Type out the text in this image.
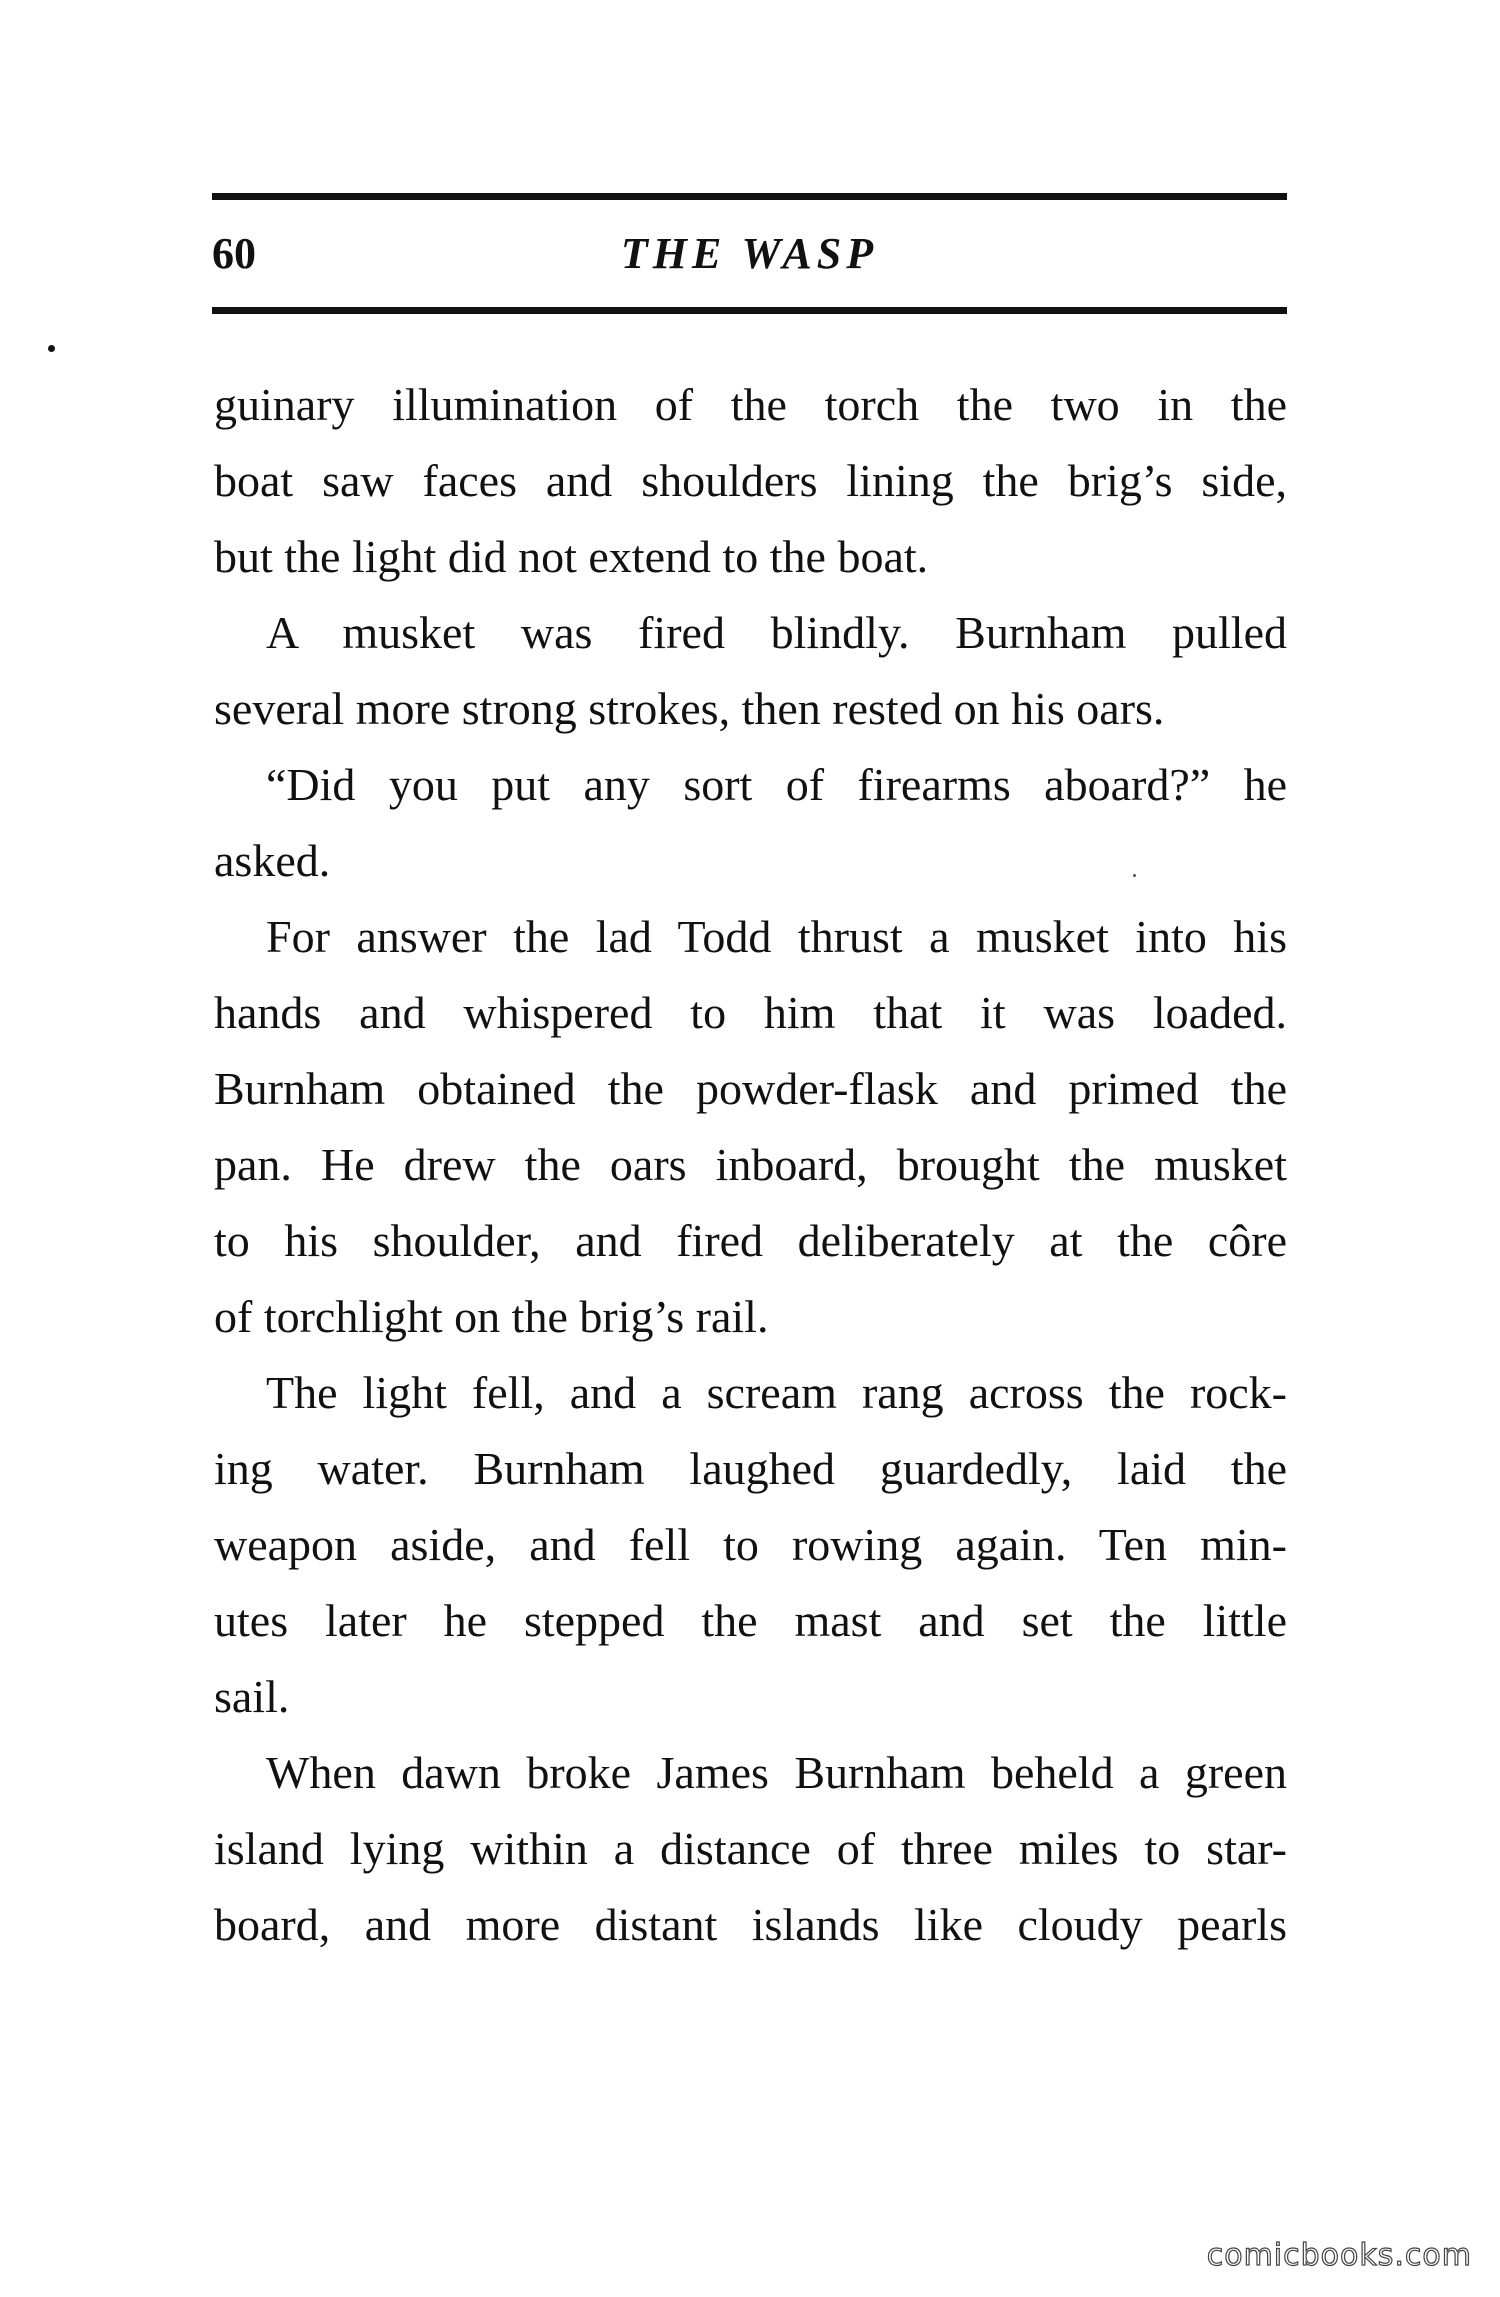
60	THE WASP
guinary illumination of the torch the two in the
boat saw faces and shoulders lining the brig’s side,
but the light did not extend to the boat.
A musket was fired blindly. Burnham pulled
several more strong strokes, then rested on his oars.
“Did you put any sort of firearms aboard?” he
asked.
For answer the lad Todd thrust a musket into his
hands and whispered to him that it was loaded.
Burnham obtained the powder-flask and primed the
pan. He drew the oars inboard, brought the musket
to his shoulder, and fired deliberately at the côre
of torchlight on the brig’s rail.
The light fell, and a scream rang across the rock-
ing water. Burnham laughed guardedly, laid the
weapon aside, and fell to rowing again. Ten min-
utes later he stepped the mast and set the little
sail.
When dawn broke James Burnham beheld a green
island lying within a distance of three miles to star-
board, and more distant islands like cloudy pearls
comicbooks.com
